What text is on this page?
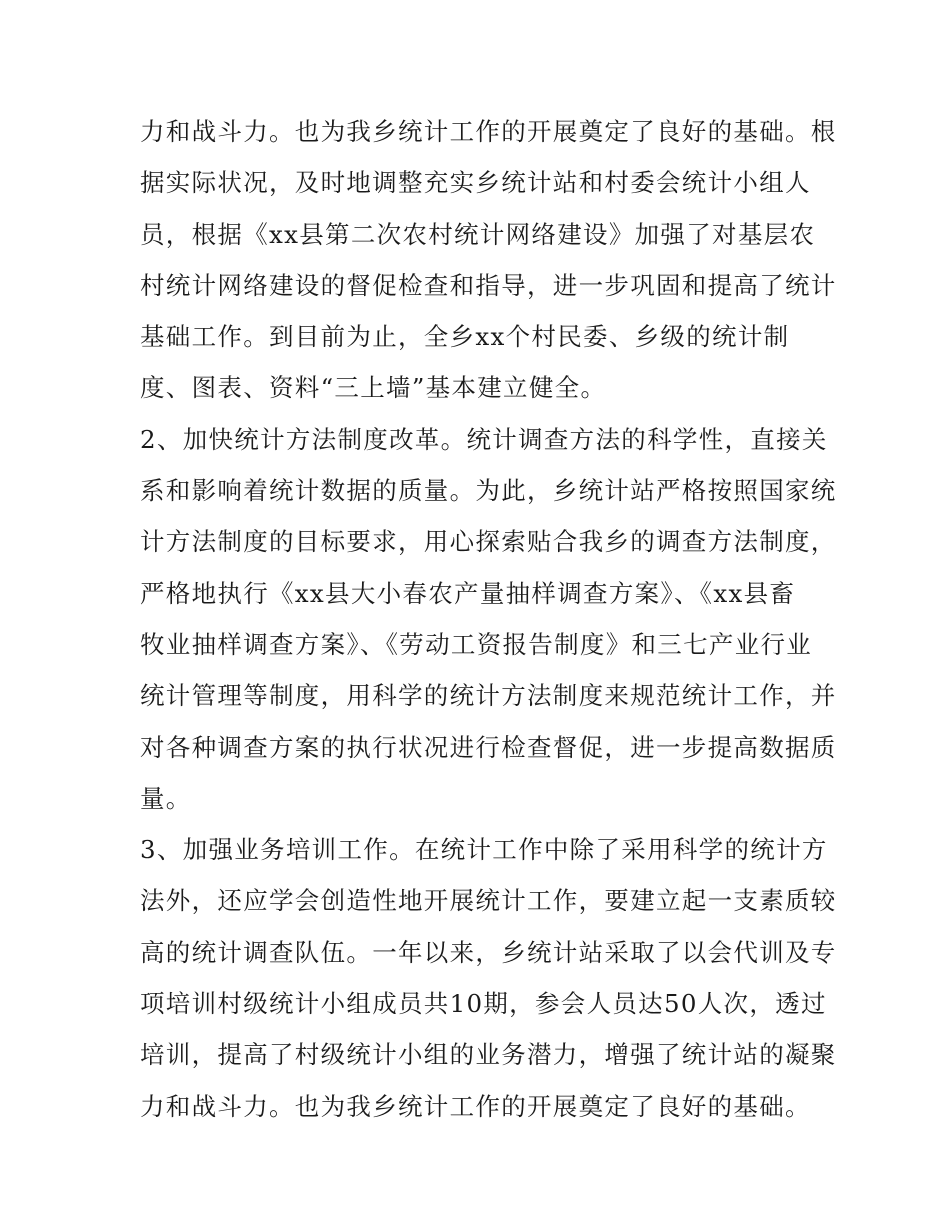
力和战斗力。也为我乡统计工作的开展奠定了良好的基础。根
据实际状况，及时地调整充实乡统计站和村委会统计小组人
员，根据《xx县第二次农村统计网络建设》加强了对基层农
村统计网络建设的督促检查和指导，进一步巩固和提高了统计
基础工作。到目前为止，全乡xx个村民委、乡级的统计制
度、图表、资料“三上墙”基本建立健全。
2、加快统计方法制度改革。统计调查方法的科学性，直接关
系和影响着统计数据的质量。为此，乡统计站严格按照国家统
计方法制度的目标要求，用心探索贴合我乡的调查方法制度，
严格地执行《xx县大小春农产量抽样调查方案》、《xx县畜
牧业抽样调查方案》、《劳动工资报告制度》和三七产业行业
统计管理等制度，用科学的统计方法制度来规范统计工作，并
对各种调查方案的执行状况进行检查督促，进一步提高数据质
量。
3、加强业务培训工作。在统计工作中除了采用科学的统计方
法外，还应学会创造性地开展统计工作，要建立起一支素质较
高的统计调查队伍。一年以来，乡统计站采取了以会代训及专
项培训村级统计小组成员共10期，参会人员达50人次，透过
培训，提高了村级统计小组的业务潜力，增强了统计站的凝聚
力和战斗力。也为我乡统计工作的开展奠定了良好的基础。
